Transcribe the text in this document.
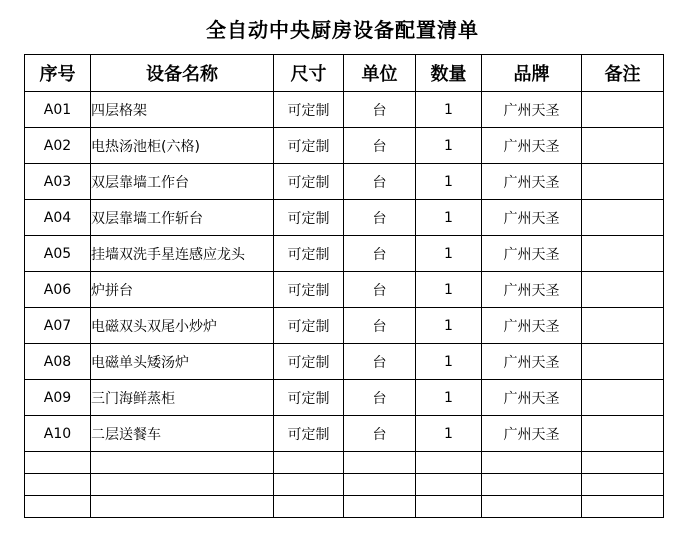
全自动中央厨房设备配置清单
序号	设备名称	尺寸	单位	数量	品牌	备注
A01	四层格架	可定制	台	1	广州天圣	
A02	电热汤池柜(六格)	可定制	台	1	广州天圣	
A03	双层靠墙工作台	可定制	台	1	广州天圣	
A04	双层靠墙工作斩台	可定制	台	1	广州天圣	
A05	挂墙双洗手星连感应龙头	可定制	台	1	广州天圣	
A06	炉拼台	可定制	台	1	广州天圣	
A07	电磁双头双尾小炒炉	可定制	台	1	广州天圣	
A08	电磁单头矮汤炉	可定制	台	1	广州天圣	
A09	三门海鲜蒸柜	可定制	台	1	广州天圣	
A10	二层送餐车	可定制	台	1	广州天圣	
